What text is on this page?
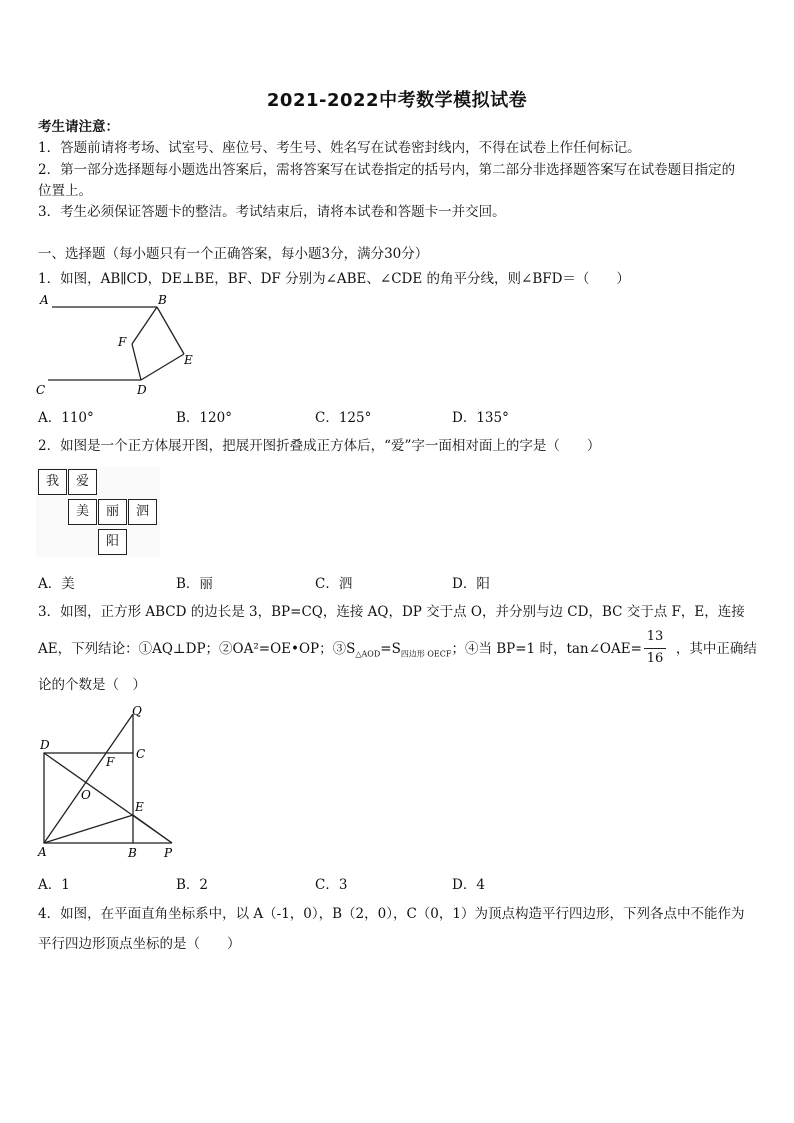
2021-2022中考数学模拟试卷
考生请注意：
1．答题前请将考场、试室号、座位号、考生号、姓名写在试卷密封线内，不得在试卷上作任何标记。
2．第一部分选择题每小题选出答案后，需将答案写在试卷指定的括号内，第二部分非选择题答案写在试卷题目指定的
位置上。
3．考生必须保证答题卡的整洁。考试结束后，请将本试卷和答题卡一并交回。
一、选择题（每小题只有一个正确答案，每小题3分，满分30分）
1．如图，AB∥CD，DE⊥BE，BF、DF 分别为∠ABE、∠CDE 的角平分线，则∠BFD＝（　　）
A	B
F
E
C	D
A．110°	B．120°	C．125°	D．135°
2．如图是一个正方体展开图，把展开图折叠成正方体后，“爱”字一面相对面上的字是（　　）
我	爱
美	丽	泗
阳
A．美	B．丽	C．泗	D．阳
3．如图，正方形 ABCD 的边长是 3，BP=CQ，连接 AQ，DP 交于点 O，并分别与边 CD，BC 交于点 F，E，连接
AE，下列结论：①AQ⊥DP；②OA²=OE•OP；$③S_{\triangle AOD}=S_{四边形 OECF}$；④当 BP=1 时，tan∠OAE=	，其中正确结
13
16
论的个数是（　）
Q
D
C
F
O
E
A	B P
A．1	B．2	C．3	D．4
4．如图，在平面直角坐标系中，以 A（-1，0），B（2，0），C（0，1）为顶点构造平行四边形，下列各点中不能作为
平行四边形顶点坐标的是（　　）
